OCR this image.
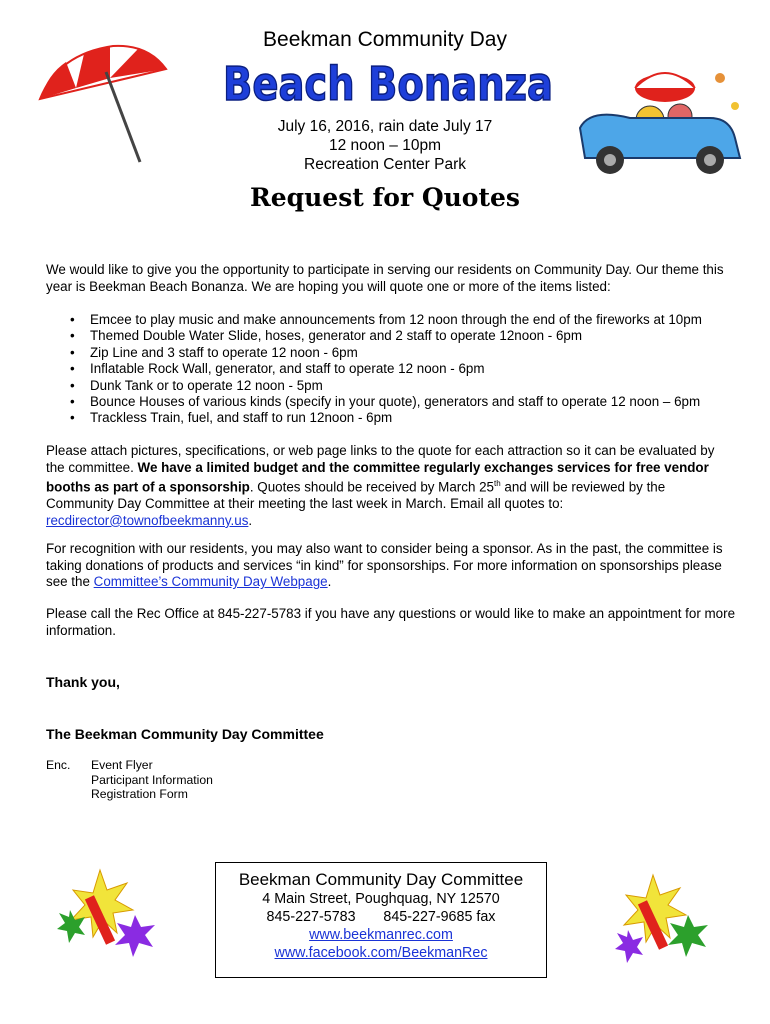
Beekman Community Day
Beach Bonanza
July 16, 2016, rain date July 17
12 noon – 10pm
Recreation Center Park
Request for Quotes
We would like to give you the opportunity to participate in serving our residents on Community Day. Our theme this year is Beekman Beach Bonanza. We are hoping you will quote one or more of the items listed:
• Emcee to play music and make announcements from 12 noon through the end of the fireworks at 10pm
• Themed Double Water Slide, hoses, generator and 2 staff to operate 12noon - 6pm
• Zip Line and 3 staff to operate 12 noon - 6pm
• Inflatable Rock Wall, generator, and staff to operate 12 noon - 6pm
• Dunk Tank or to operate 12 noon - 5pm
• Bounce Houses of various kinds (specify in your quote), generators and staff to operate 12 noon – 6pm
• Trackless Train, fuel, and staff to run 12noon - 6pm
Please attach pictures, specifications, or web page links to the quote for each attraction so it can be evaluated by the committee. We have a limited budget and the committee regularly exchanges services for free vendor booths as part of a sponsorship. Quotes should be received by March 25th and will be reviewed by the Community Day Committee at their meeting the last week in March. Email all quotes to: recdirector@townofbeekmanny.us.
For recognition with our residents, you may also want to consider being a sponsor. As in the past, the committee is taking donations of products and services “in kind” for sponsorships. For more information on sponsorships please see the Committee’s Community Day Webpage.
Please call the Rec Office at 845-227-5783 if you have any questions or would like to make an appointment for more information.
Thank you,
The Beekman Community Day Committee
Enc. Event Flyer
Participant Information
Registration Form
Beekman Community Day Committee
4 Main Street, Poughquag, NY 12570
845-227-5783 845-227-9685 fax
www.beekmanrec.com
www.facebook.com/BeekmanRec
